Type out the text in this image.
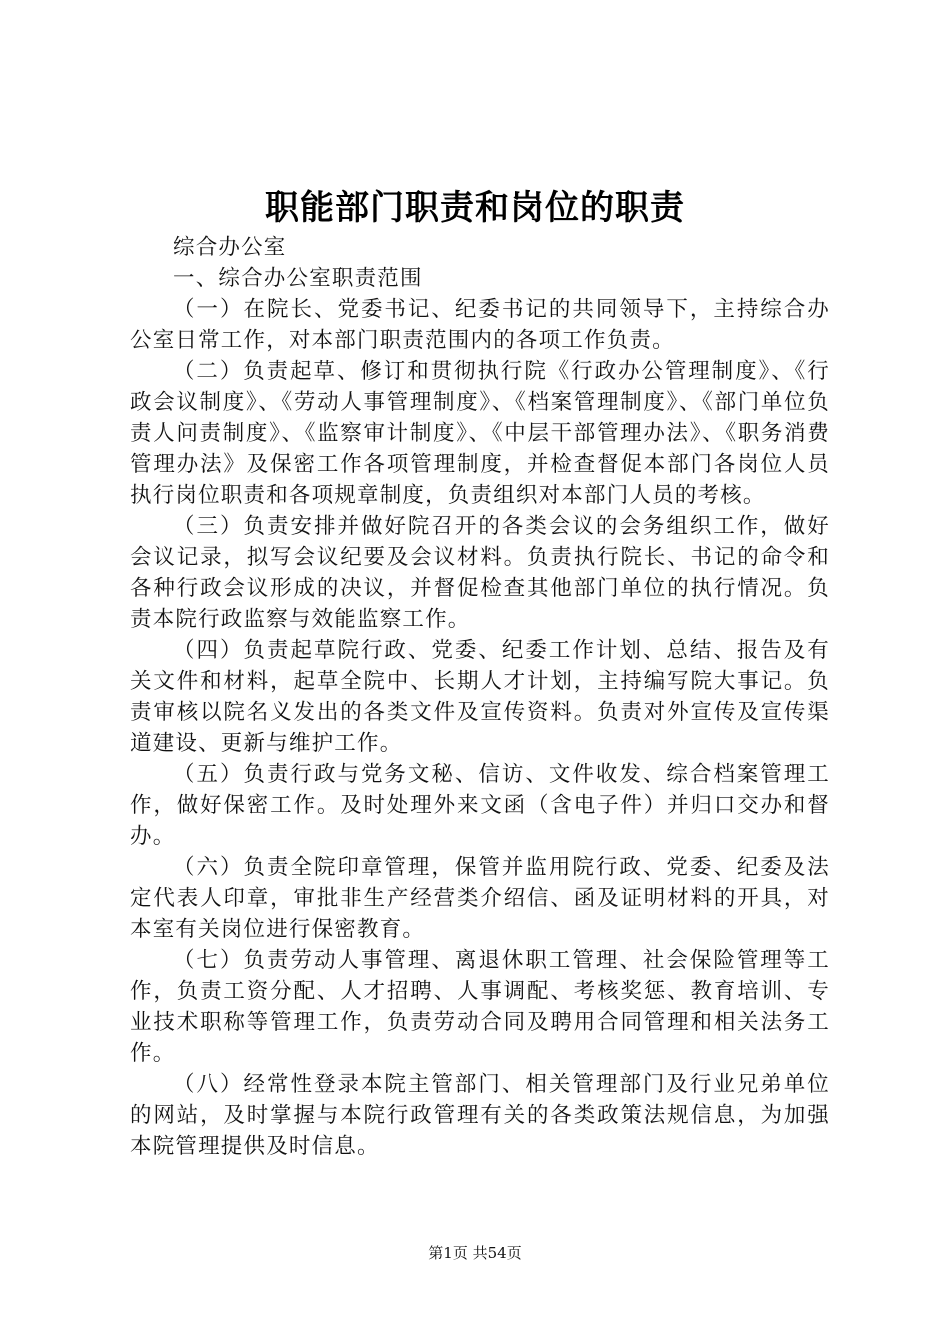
职能部门职责和岗位的职责

综合办公室

一、综合办公室职责范围

（一）在院长、党委书记、纪委书记的共同领导下，主持综合办公室日常工作，对本部门职责范围内的各项工作负责。

（二）负责起草、修订和贯彻执行院《行政办公管理制度》、《行政会议制度》、《劳动人事管理制度》、《档案管理制度》、《部门单位负责人问责制度》、《监察审计制度》、《中层干部管理办法》、《职务消费管理办法》及保密工作各项管理制度，并检查督促本部门各岗位人员执行岗位职责和各项规章制度，负责组织对本部门人员的考核。

（三）负责安排并做好院召开的各类会议的会务组织工作，做好会议记录，拟写会议纪要及会议材料。负责执行院长、书记的命令和各种行政会议形成的决议，并督促检查其他部门单位的执行情况。负责本院行政监察与效能监察工作。

（四）负责起草院行政、党委、纪委工作计划、总结、报告及有关文件和材料，起草全院中、长期人才计划，主持编写院大事记。负责审核以院名义发出的各类文件及宣传资料。负责对外宣传及宣传渠道建设、更新与维护工作。

（五）负责行政与党务文秘、信访、文件收发、综合档案管理工作，做好保密工作。及时处理外来文函（含电子件）并归口交办和督办。

（六）负责全院印章管理，保管并监用院行政、党委、纪委及法定代表人印章，审批非生产经营类介绍信、函及证明材料的开具，对本室有关岗位进行保密教育。

（七）负责劳动人事管理、离退休职工管理、社会保险管理等工作，负责工资分配、人才招聘、人事调配、考核奖惩、教育培训、专业技术职称等管理工作，负责劳动合同及聘用合同管理和相关法务工作。

（八）经常性登录本院主管部门、相关管理部门及行业兄弟单位的网站，及时掌握与本院行政管理有关的各类政策法规信息，为加强本院管理提供及时信息。

第1页 共54页
